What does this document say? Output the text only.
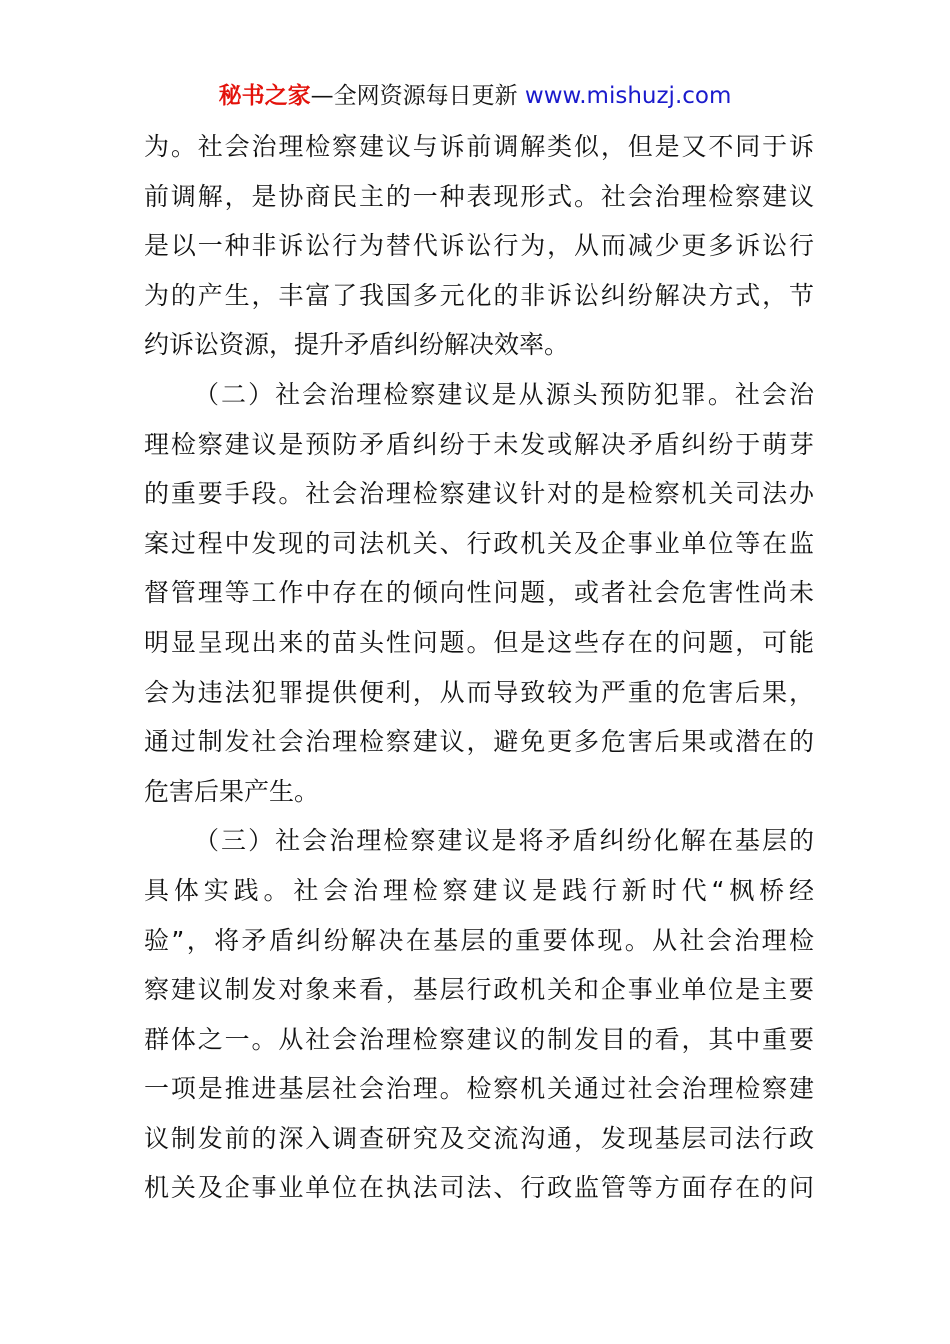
秘书之家—全网资源每日更新 www.mishuzj.com
为。社会治理检察建议与诉前调解类似，但是又不同于诉
前调解，是协商民主的一种表现形式。社会治理检察建议
是以一种非诉讼行为替代诉讼行为，从而减少更多诉讼行
为的产生，丰富了我国多元化的非诉讼纠纷解决方式，节
约诉讼资源，提升矛盾纠纷解决效率。
（二）社会治理检察建议是从源头预防犯罪。社会治
理检察建议是预防矛盾纠纷于未发或解决矛盾纠纷于萌芽
的重要手段。社会治理检察建议针对的是检察机关司法办
案过程中发现的司法机关、行政机关及企事业单位等在监
督管理等工作中存在的倾向性问题，或者社会危害性尚未
明显呈现出来的苗头性问题。但是这些存在的问题，可能
会为违法犯罪提供便利，从而导致较为严重的危害后果，
通过制发社会治理检察建议，避免更多危害后果或潜在的
危害后果产生。
（三）社会治理检察建议是将矛盾纠纷化解在基层的
具体实践。社会治理检察建议是践行新时代“枫桥经
验”，将矛盾纠纷解决在基层的重要体现。从社会治理检
察建议制发对象来看，基层行政机关和企事业单位是主要
群体之一。从社会治理检察建议的制发目的看，其中重要
一项是推进基层社会治理。检察机关通过社会治理检察建
议制发前的深入调查研究及交流沟通，发现基层司法行政
机关及企事业单位在执法司法、行政监管等方面存在的问
